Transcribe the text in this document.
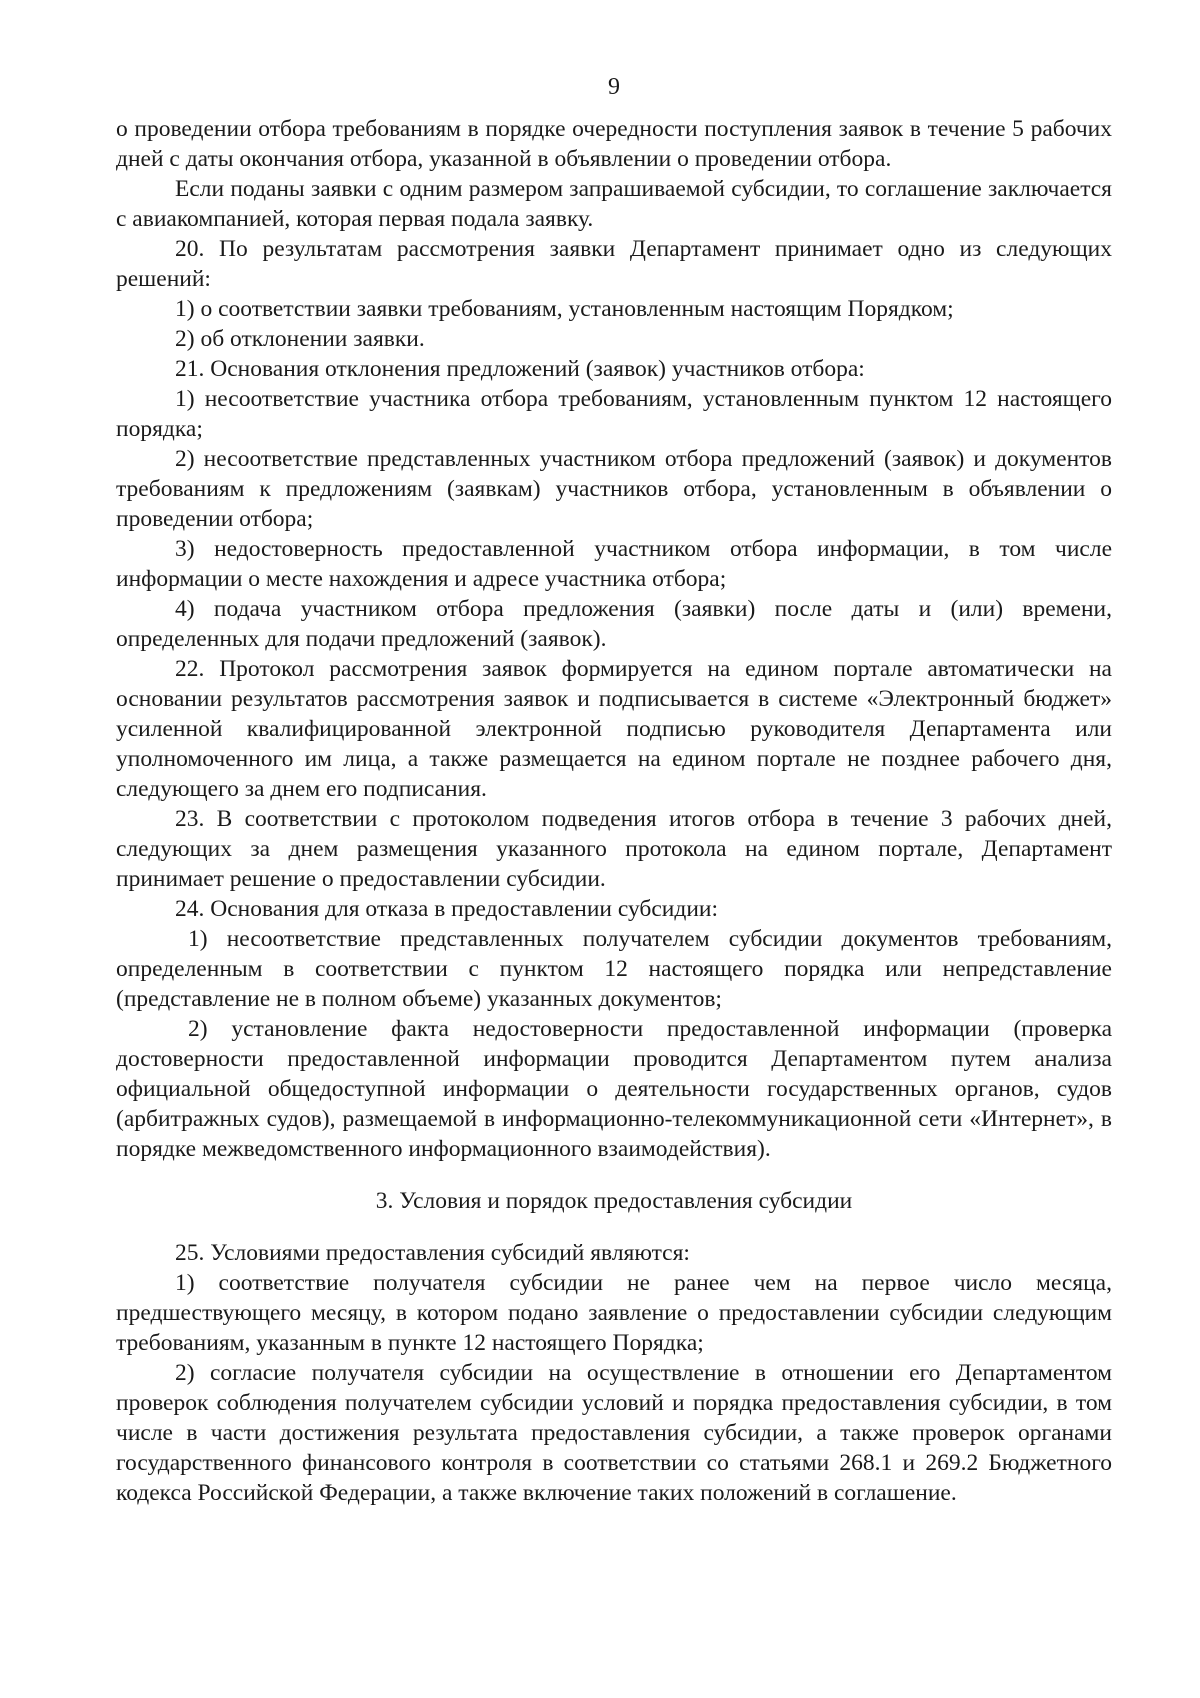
9

о проведении отбора требованиям в порядке очередности поступления заявок в течение 5 рабочих дней с даты окончания отбора, указанной в объявлении о проведении отбора.

Если поданы заявки с одним размером запрашиваемой субсидии, то соглашение заключается с авиакомпанией, которая первая подала заявку.

20. По результатам рассмотрения заявки Департамент принимает одно из следующих решений:

1) о соответствии заявки требованиям, установленным настоящим Порядком;

2) об отклонении заявки.

21. Основания отклонения предложений (заявок) участников отбора:

1) несоответствие участника отбора требованиям, установленным пунктом 12 настоящего порядка;

2) несоответствие представленных участником отбора предложений (заявок) и документов требованиям к предложениям (заявкам) участников отбора, установленным в объявлении о проведении отбора;

3) недостоверность предоставленной участником отбора информации, в том числе информации о месте нахождения и адресе участника отбора;

4) подача участником отбора предложения (заявки) после даты и (или) времени, определенных для подачи предложений (заявок).

22. Протокол рассмотрения заявок формируется на едином портале автоматически на основании результатов рассмотрения заявок и подписывается в системе «Электронный бюджет» усиленной квалифицированной электронной подписью руководителя Департамента или уполномоченного им лица, а также размещается на едином портале не позднее рабочего дня, следующего за днем его подписания.

23. В соответствии с протоколом подведения итогов отбора в течение 3 рабочих дней, следующих за днем размещения указанного протокола на едином портале, Департамент принимает решение о предоставлении субсидии.

24. Основания для отказа в предоставлении субсидии:

1) несоответствие представленных получателем субсидии документов требованиям, определенным в соответствии с пунктом 12 настоящего порядка или непредставление (представление не в полном объеме) указанных документов;

2) установление факта недостоверности предоставленной информации (проверка достоверности предоставленной информации проводится Департаментом путем анализа официальной общедоступной информации о деятельности государственных органов, судов (арбитражных судов), размещаемой в информационно-телекоммуникационной сети «Интернет», в порядке межведомственного информационного взаимодействия).

3. Условия и порядок предоставления субсидии

25. Условиями предоставления субсидий являются:

1) соответствие получателя субсидии не ранее чем на первое число месяца, предшествующего месяцу, в котором подано заявление о предоставлении субсидии следующим требованиям, указанным в пункте 12 настоящего Порядка;

2) согласие получателя субсидии на осуществление в отношении его Департаментом проверок соблюдения получателем субсидии условий и порядка предоставления субсидии, в том числе в части достижения результата предоставления субсидии, а также проверок органами государственного финансового контроля в соответствии со статьями 268.1 и 269.2 Бюджетного кодекса Российской Федерации, а также включение таких положений в соглашение.
